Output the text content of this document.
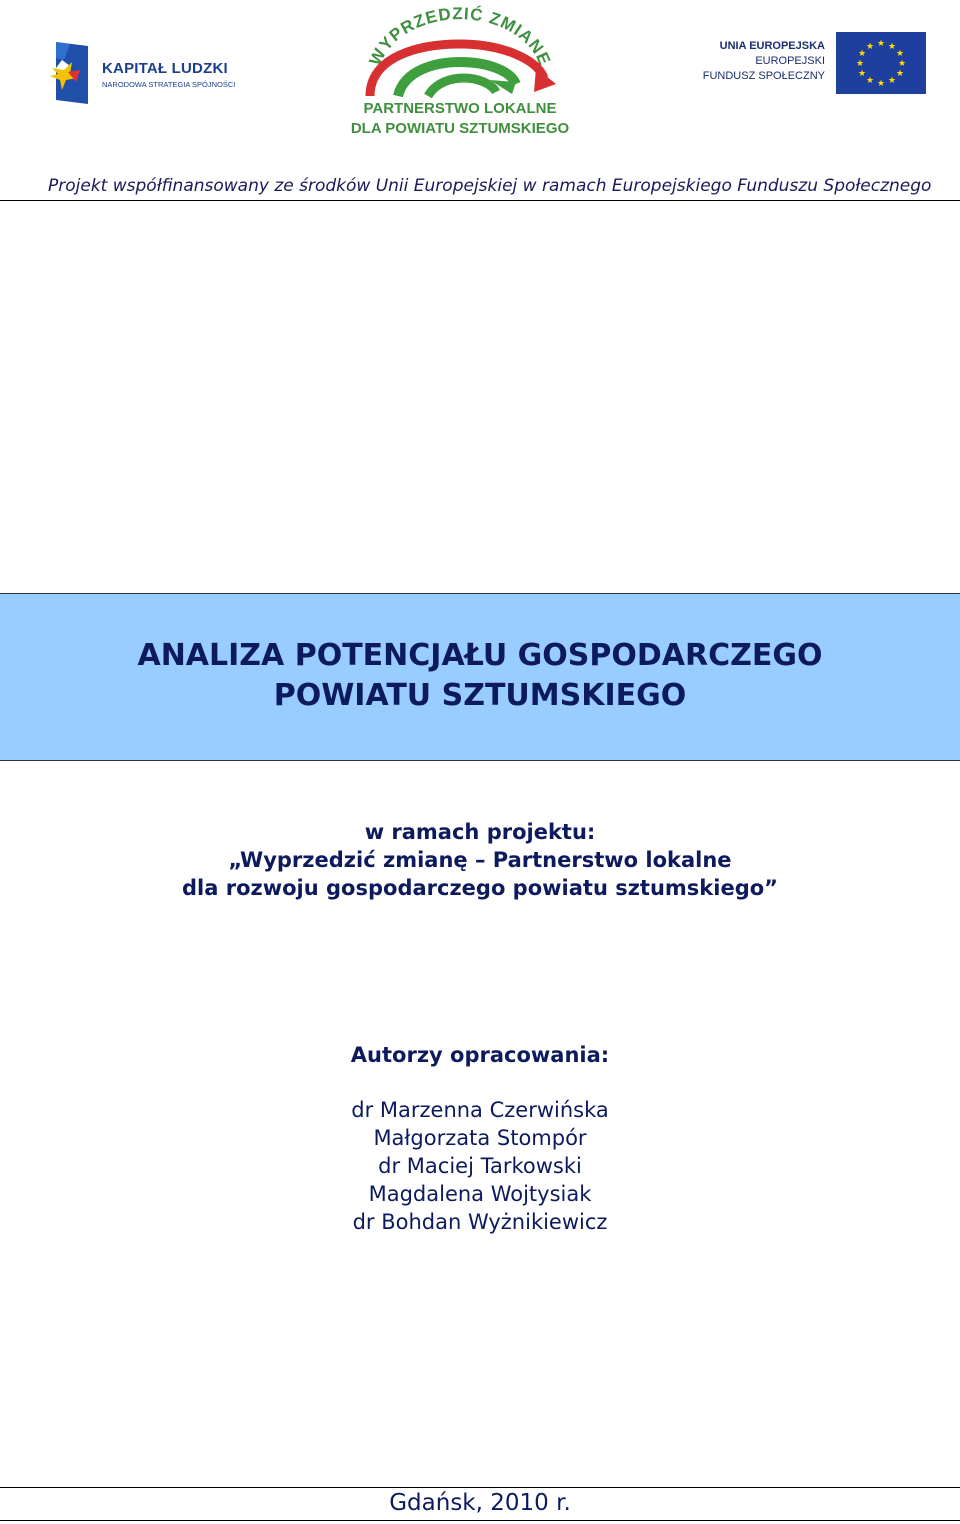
KAPITAŁ LUDZKI
NARODOWA STRATEGIA SPÓJNOŚCI
WYPRZEDZIĆ ZMIANĘ
PARTNERSTWO LOKALNE
DLA POWIATU SZTUMSKIEGO
UNIA EUROPEJSKA
EUROPEJSKI
FUNDUSZ SPOŁECZNY
★ ★
★
★
★
★
★
★
★
★
★
★
Projekt współfinansowany ze środków Unii Europejskiej w ramach Europejskiego Funduszu Społecznego
ANALIZA POTENCJAŁU GOSPODARCZEGO
POWIATU SZTUMSKIEGO
w ramach projektu:
„Wyprzedzić zmianę – Partnerstwo lokalne
dla rozwoju gospodarczego powiatu sztumskiego”
Autorzy opracowania:
dr Marzenna Czerwińska
Małgorzata Stompór
dr Maciej Tarkowski
Magdalena Wojtysiak
dr Bohdan Wyżnikiewicz
Gdańsk, 2010 r.
